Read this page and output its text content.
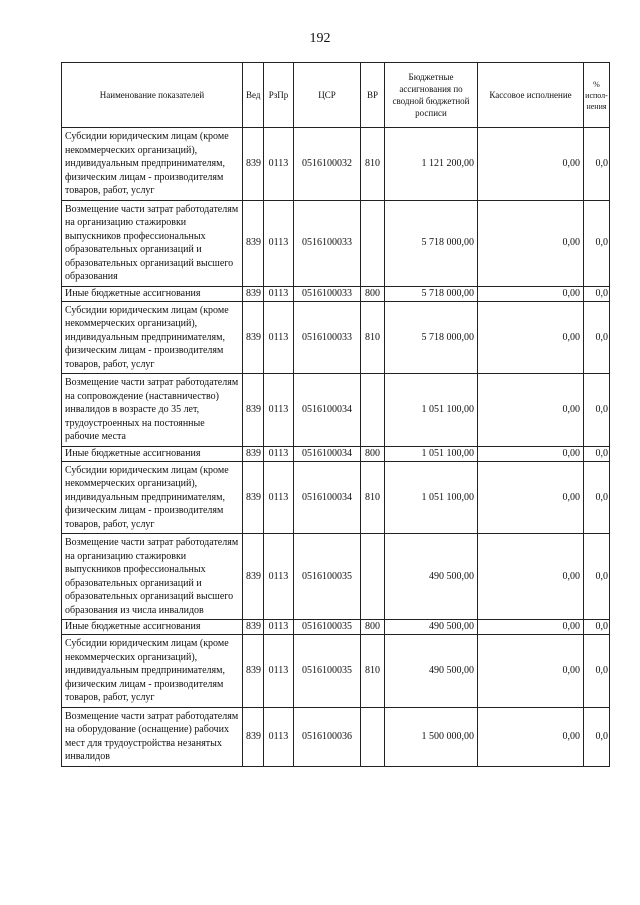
192
Наименование показателей	Вед	РзПр	ЦСР	ВР	Бюджетные ассигнования по сводной бюджетной росписи	Кассовое исполнение	% испол-нения
Субсидии юридическим лицам (кроме некоммерческих организаций), индивидуальным предпринимателям, физическим лицам - производителям товаров, работ, услуг	839	0113	0516100032	810	1 121 200,00	0,00	0,0
Возмещение части затрат работодателям на организацию стажировки выпускников профессиональных образовательных организаций и образовательных организаций высшего образования	839	0113	0516100033		5 718 000,00	0,00	0,0
Иные бюджетные ассигнования	839	0113	0516100033	800	5 718 000,00	0,00	0,0
Субсидии юридическим лицам (кроме некоммерческих организаций), индивидуальным предпринимателям, физическим лицам - производителям товаров, работ, услуг	839	0113	0516100033	810	5 718 000,00	0,00	0,0
Возмещение части затрат работодателям на сопровождение (наставничество) инвалидов в возрасте до 35 лет, трудоустроенных на постоянные рабочие места	839	0113	0516100034		1 051 100,00	0,00	0,0
Иные бюджетные ассигнования	839	0113	0516100034	800	1 051 100,00	0,00	0,0
Субсидии юридическим лицам (кроме некоммерческих организаций), индивидуальным предпринимателям, физическим лицам - производителям товаров, работ, услуг	839	0113	0516100034	810	1 051 100,00	0,00	0,0
Возмещение части затрат работодателям на организацию стажировки выпускников профессиональных образовательных организаций и образовательных организаций высшего образования из числа инвалидов	839	0113	0516100035		490 500,00	0,00	0,0
Иные бюджетные ассигнования	839	0113	0516100035	800	490 500,00	0,00	0,0
Субсидии юридическим лицам (кроме некоммерческих организаций), индивидуальным предпринимателям, физическим лицам - производителям товаров, работ, услуг	839	0113	0516100035	810	490 500,00	0,00	0,0
Возмещение части затрат работодателям на оборудование (оснащение) рабочих мест для трудоустройства незанятых инвалидов	839	0113	0516100036		1 500 000,00	0,00	0,0
